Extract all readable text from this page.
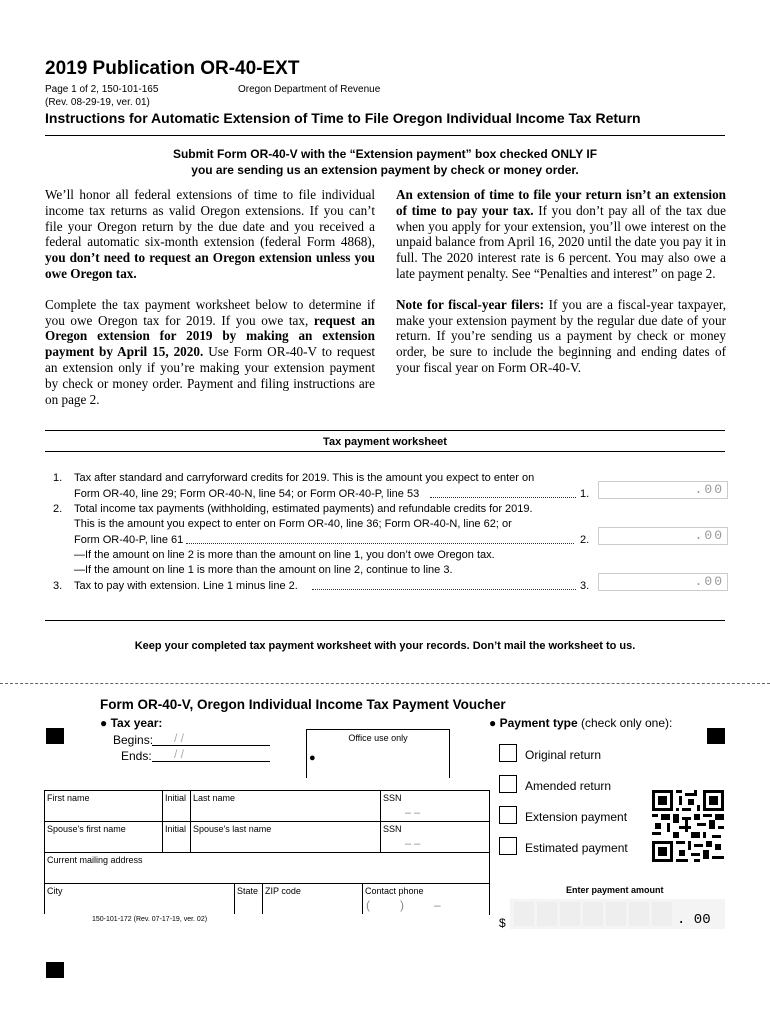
2019 Publication OR-40-EXT
Page 1 of 2, 150-101-165
(Rev. 08-29-19, ver. 01)
Oregon Department of Revenue
Instructions for Automatic Extension of Time to File Oregon Individual Income Tax Return
Submit Form OR-40-V with the “Extension payment” box checked ONLY IF
you are sending us an extension payment by check or money order.

We’ll honor all federal extensions of time to file individual income tax returns as valid Oregon extensions. If you can’t file your Oregon return by the due date and you received a federal automatic six-month extension (federal Form 4868), you don’t need to request an Oregon extension unless you owe Oregon tax.

Complete the tax payment worksheet below to determine if you owe Oregon tax for 2019. If you owe tax, request an Oregon extension for 2019 by making an extension payment by April 15, 2020. Use Form OR-40-V to request an extension only if you’re making your extension payment by check or money order. Payment and filing instructions are on page 2.

An extension of time to file your return isn’t an extension of time to pay your tax. If you don’t pay all of the tax due when you apply for your extension, you’ll owe interest on the unpaid balance from April 16, 2020 until the date you pay it in full. The 2020 interest rate is 6 percent. You may also owe a late payment penalty. See “Penalties and interest” on page 2.

Note for fiscal-year filers: If you are a fiscal-year taxpayer, make your extension payment by the regular due date of your return. If you’re sending us a payment by check or money order, be sure to include the beginning and ending dates of your fiscal year on Form OR-40-V.

Tax payment worksheet
1. Tax after standard and carryforward credits for 2019. This is the amount you expect to enter on
Form OR-40, line 29; Form OR-40-N, line 54; or Form OR-40-P, line 53	1.	.00
2. Total income tax payments (withholding, estimated payments) and refundable credits for 2019.
This is the amount you expect to enter on Form OR-40, line 36; Form OR-40-N, line 62; or
Form OR-40-P, line 61	2.	.00
—If the amount on line 2 is more than the amount on line 1, you don’t owe Oregon tax.
—If the amount on line 1 is more than the amount on line 2, continue to line 3.
3. Tax to pay with extension. Line 1 minus line 2.	3.	.00
Keep your completed tax payment worksheet with your records. Don’t mail the worksheet to us.
Form OR-40-V, Oregon Individual Income Tax Payment Voucher
● Tax year:
Begins:	/ /
Ends:	/ /
Office use only
●
● Payment type (check only one):
Original return
Amended return
Extension payment
Estimated payment
First name	Initial Last name	SSN
– –
Spouse's first name	Initial Spouse's last name	SSN
– –
Current mailing address
City	State ZIP code	Contact phone
(         )         –
150-101-172 (Rev. 07-17-19, ver. 02)
Enter payment amount
$	. 00
